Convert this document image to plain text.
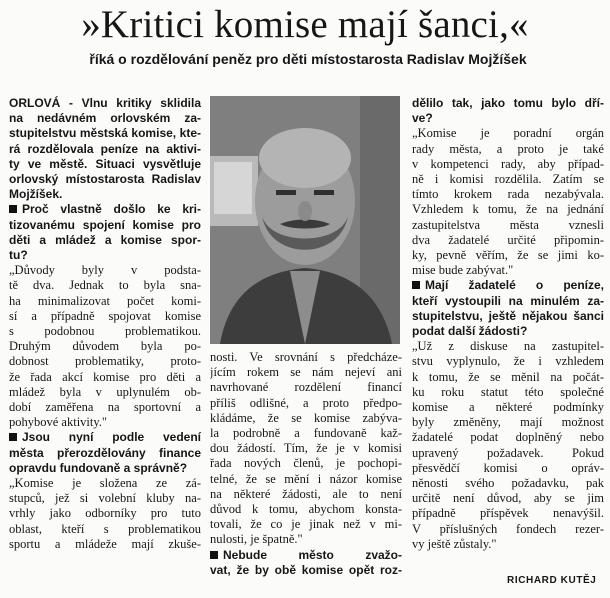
»Kritici komise mají šanci,«
říká o rozdělování peněz pro děti místostarosta Radislav Mojžíšek
ORLOVÁ - Vlnu kritiky sklidila
na nedávném orlovském za-
stupitelstvu městská komise, kte-
rá rozdělovala peníze na aktivi-
ty ve městě. Situaci vysvětluje
orlovský místostarosta Radislav
Mojžíšek.
Proč vlastně došlo ke kri-
tizovanému spojení komise pro
děti a mládež a komise spor-
tu?
„Důvody byly v podsta-
tě dva. Jednak to byla sna-
ha minimalizovat počet komi-
sí a případně spojovat komise
s podobnou problematikou.
Druhým důvodem byla po-
dobnost problematiky, proto-
že řada akcí komise pro děti a
mládež byla v uplynulém ob-
dobí zaměřena na sportovní a
pohybové aktivity."
Jsou nyní podle vedení
města přerozdělovány finance
opravdu fundovaně a správně?
„Komise je složena ze zá-
stupců, jež si volební kluby na-
vrhly jako odborníky pro tuto
oblast, kteří s problematikou
sportu a mládeže mají zkuše-
nosti. Ve srovnání s předcháze-
jícím rokem se nám nejeví ani
navrhované rozdělení financí
příliš odlišné, a proto předpo-
kládáme, že se komise zabýva-
la podrobně a fundovaně kaž-
dou žádostí. Tím, že je v komisi
řada nových členů, je pochopi-
telné, že se mění i názor komise
na některé žádosti, ale to není
důvod k tomu, abychom konsta-
tovali, že co je jinak než v mi-
nulosti, je špatně."
Nebude město zvažo-
vat, že by obě komise opět roz-
dělilo tak, jako tomu bylo dří-
ve?
„Komise je poradní orgán
rady města, a proto je také
v kompetenci rady, aby případ-
ně i komisi rozdělila. Zatím se
tímto krokem rada nezabývala.
Vzhledem k tomu, že na jednání
zastupitelstva města vznesli
dva žadatelé určité připomin-
ky, pevně věřím, že se jimi ko-
mise bude zabývat."
Mají žadatelé o peníze,
kteří vystoupili na minulém za-
stupitelstvu, ještě nějakou šanci
podat další žádosti?
„Už z diskuse na zastupitel-
stvu vyplynulo, že i vzhledem
k tomu, že se měnil na počát-
ku roku statut této společné
komise a některé podmínky
byly změněny, mají možnost
žadatelé podat doplněný nebo
upravený požadavek. Pokud
přesvědčí komisi o opráv-
něnosti svého požadavku, pak
určitě není důvod, aby se jim
případně příspěvek nenavýšil.
V příslušných fondech rezer-
vy ještě zůstaly."
RICHARD KUTĚJ
